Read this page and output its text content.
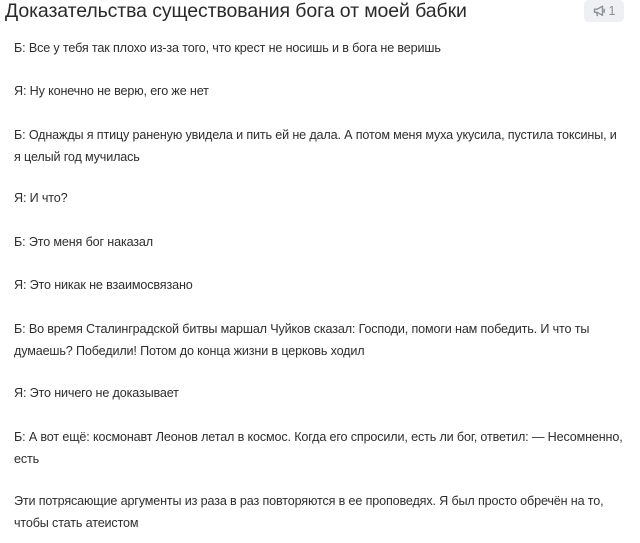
Доказательства существования бога от моей бабки	1

Б: Все у тебя так плохо из-за того, что крест не носишь и в бога не веришь

Я: Ну конечно не верю, его же нет

Б: Однажды я птицу раненую увидела и пить ей не дала. А потом меня муха укусила, пустила токсины, и я целый год мучилась

Я: И что?

Б: Это меня бог наказал

Я: Это никак не взаимосвязано

Б: Во время Сталинградской битвы маршал Чуйков сказал: Господи, помоги нам победить. И что ты думаешь? Победили! Потом до конца жизни в церковь ходил

Я: Это ничего не доказывает

Б: А вот ещё: космонавт Леонов летал в космос. Когда его спросили, есть ли бог, ответил: — Несомненно, есть

Эти потрясающие аргументы из раза в раз повторяются в ее проповедях. Я был просто обречён на то, чтобы стать атеистом
